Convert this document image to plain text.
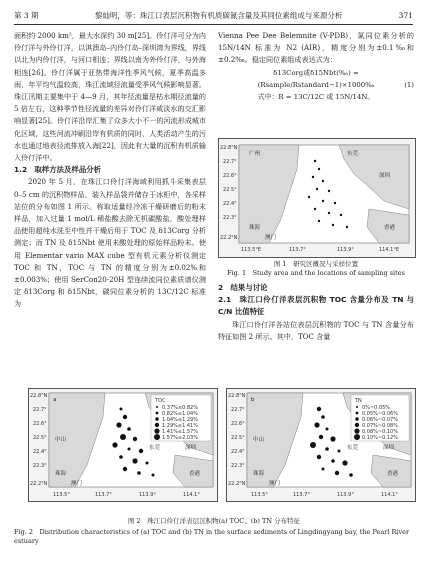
第 3 期	黎灿明，等：珠江口表层沉积物有机质碳氮含量及其同位素组成与来源分析	371

面积约 2000 km²，最大水深约 30 m[25]。伶仃洋可分为内伶仃洋与外伶仃洋，以淇澳岛–内伶仃岛–深圳湾为界线，界线以北为内伶仃洋，与河口相连；界线以南为外伶仃洋，与外海相连[26]。伶仃洋属于亚热带海洋性季风气候，夏季高温多雨，年平均气温较高，珠江流域径流量受季风气候影响显著。珠江汛期主要集中于 4—9 月，其年径流量是枯水期径流量的 5 倍左右，这种季节性径流量的差异对伶仃洋咸淡水的交汇影响显著[25]。伶仃洋沿岸汇集了众多大小不一的河流形成城市化区域，这些河流冲刷沿岸有机质的同时，人类活动产生的污水也通过地表径流排放入海[22]，因此有大量的沉积有机质输入伶仃洋中。

1.2　取样方法及样品分析

2020 年 5 月，在珠江口伶仃洋海域利用抓斗采集表层 0–5 cm 的沉积物样品，装入样品袋并储存于冰柜中，各采样站位的分布如图 1 所示。称取适量经冷冻干燥研磨后的粉末样品，加入过量 1 mol/L 稀盐酸去除无机碳酸盐，酸处理样品使用超纯水洗至中性并干燥后用于 TOC 及 δ13Corg 分析测定；而 TN 及 δ15Nbt 使用未酸处理的原始样品粉末。使用 Elementar vario MAX cube 型有机元素分析仪测定 TOC 和 TN，TOC 与 TN 的精度分别为±0.02%和±0.003%；使用 SerCon20-20H 型连续流同位素质谱仪测定 δ13Corg 和 δ15Nbt，碳同位素分析的 13C/12C 标准为

Vienna Pee Dee Belemnite (V-PDB)，氮同位素分析的 15N/14N 标准为 N2 (AIR)，精度分别为±0.1‰和±0.2‰。稳定同位素组成表达式为：

δ13Corg或δ15Nbt(‰) = (Rsample/Rstandard−1)×1000‰	(1)

式中：R = 13C/12C 或 15N/14N。

22.8°N
22.7°
22.6°
22.5°
22.4°
22.3°
22.2°N
113.5°E	113.7°	113.9°	114.1°E
广州	东莞
深圳
珠海	香港
澳门
图 1　研究区概况与采样位置
Fig. 1　Study area and the locations of sampling sites

2　结果与讨论

2.1　珠江口伶仃洋表层沉积物 TOC 含量分布及 TN 与 C/N 比值特征

珠江口伶仃洋各站位表层沉积物的 TOC 与 TN 含量分布特征如图 2 所示。其中，TOC 含量

TOC
0.37%≤0.82%
0.82%≤1.04%
1.04%≤1.29%
1.29%≤1.41%
1.41%≤1.57%
1.57%≤2.03%
22.8°N
22.7°
22.6°
22.5°
22.4°
22.3°
22.2°N
113.5°	113.7°	113.9°	114.1°
a
东莞	深圳
中山
珠海	香港
澳门
TN
0%~0.05%
0.05%~0.06%
0.06%~0.07%
0.07%~0.08%
0.08%~0.10%
0.10%~0.12%
22.8°N
22.7°
22.6°
22.5°
22.4°
22.3°
22.2°N
113.5°	113.7°	113.9°	114.1°
b
东莞	深圳
中山
珠海	香港
澳门
图 2　珠江口伶仃洋表层沉积物(a) TOC、(b) TN 分布特征
Fig. 2　Distribution characteristics of (a) TOC and (b) TN in the surface sediments of Lingdingyang bay, the Pearl River estuary
